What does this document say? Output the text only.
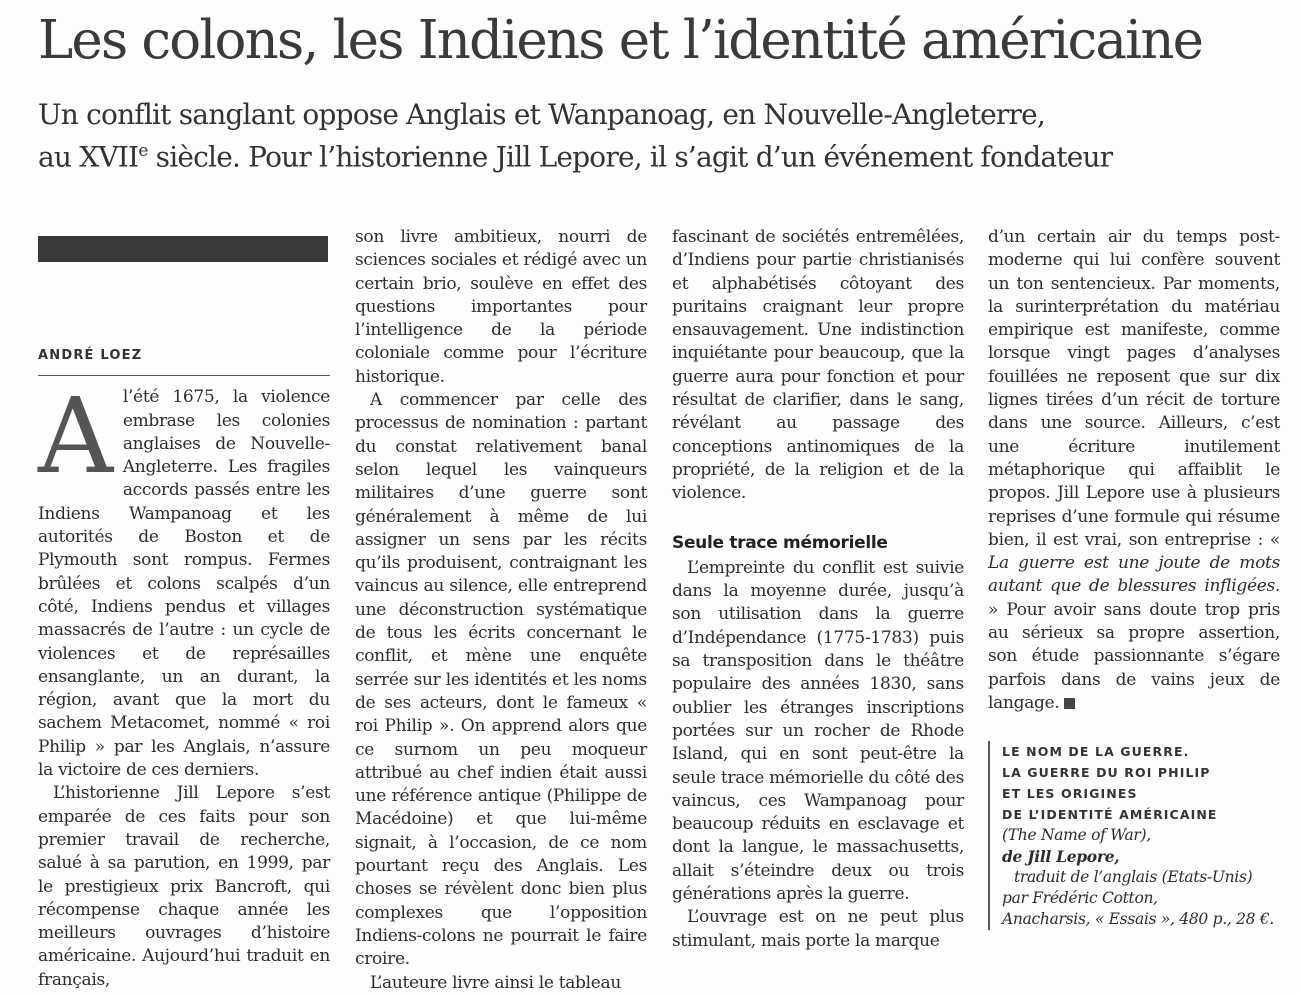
Les colons, les Indiens et l’identité américaine
Un conflit sanglant oppose Anglais et Wanpanoag, en Nouvelle-Angleterre,
au XVIIe siècle. Pour l’historienne Jill Lepore, il s’agit d’un événement fondateur
ANDRÉ LOEZ

Al’été 1675, la violence embrase les colonies anglaises de Nouvelle-Angleterre. Les fragiles accords passés entre les Indiens Wampanoag et les autorités de Boston et de Plymouth sont rompus. Fermes brûlées et colons scalpés d’un côté, Indiens pendus et villages massacrés de l’autre : un cycle de violences et de représailles ensanglante, un an durant, la région, avant que la mort du sachem Metacomet, nommé « roi Philip » par les Anglais, n’assure la victoire de ces derniers.

L’historienne Jill Lepore s’est emparée de ces faits pour son premier travail de recherche, salué à sa parution, en 1999, par le prestigieux prix Bancroft, qui récompense chaque année les meilleurs ouvrages d’histoire américaine. Aujourd’hui traduit en français,

son livre ambitieux, nourri de sciences sociales et rédigé avec un certain brio, soulève en effet des questions importantes pour l’intelligence de la période coloniale comme pour l’écriture historique.

A commencer par celle des processus de nomination : partant du constat relativement banal selon lequel les vainqueurs militaires d’une guerre sont généralement à même de lui assigner un sens par les récits qu’ils produisent, contraignant les vaincus au silence, elle entreprend une déconstruction systématique de tous les écrits concernant le conflit, et mène une enquête serrée sur les identités et les noms de ses acteurs, dont le fameux « roi Philip ». On apprend alors que ce surnom un peu moqueur attribué au chef indien était aussi une référence antique (Philippe de Macédoine) et que lui-même signait, à l’occasion, de ce nom pourtant reçu des Anglais. Les choses se révèlent donc bien plus complexes que l’opposition Indiens-colons ne pourrait le faire croire.

L’auteure livre ainsi le tableau

fascinant de sociétés entremêlées, d’Indiens pour partie christianisés et alphabétisés côtoyant des puritains craignant leur propre ensauvagement. Une indistinction inquiétante pour beaucoup, que la guerre aura pour fonction et pour résultat de clarifier, dans le sang, révélant au passage des conceptions antinomiques de la propriété, de la religion et de la violence.

Seule trace mémorielle

L’empreinte du conflit est suivie dans la moyenne durée, jusqu’à son utilisation dans la guerre d’Indépendance (1775-1783) puis sa transposition dans le théâtre populaire des années 1830, sans oublier les étranges inscriptions portées sur un rocher de Rhode Island, qui en sont peut-être la seule trace mémorielle du côté des vaincus, ces Wampanoag pour beaucoup réduits en esclavage et dont la langue, le massachusetts, allait s’éteindre deux ou trois générations après la guerre.

L’ouvrage est on ne peut plus stimulant, mais porte la marque

d’un certain air du temps post-moderne qui lui confère souvent un ton sentencieux. Par moments, la surinterprétation du matériau empirique est manifeste, comme lorsque vingt pages d’analyses fouillées ne reposent que sur dix lignes tirées d’un récit de torture dans une source. Ailleurs, c’est une écriture inutilement métaphorique qui affaiblit le propos. Jill Lepore use à plusieurs reprises d’une formule qui résume bien, il est vrai, son entreprise : « La guerre est une joute de mots autant que de blessures infligées. » Pour avoir sans doute trop pris au sérieux sa propre assertion, son étude passionnante s’égare parfois dans de vains jeux de langage.

LE NOM DE LA GUERRE.
LA GUERRE DU ROI PHILIP
ET LES ORIGINES
DE L’IDENTITÉ AMÉRICAINE
(The Name of War),
de Jill Lepore,
traduit de l’anglais (Etats-Unis)
par Frédéric Cotton,
Anacharsis, « Essais », 480 p., 28 €.
